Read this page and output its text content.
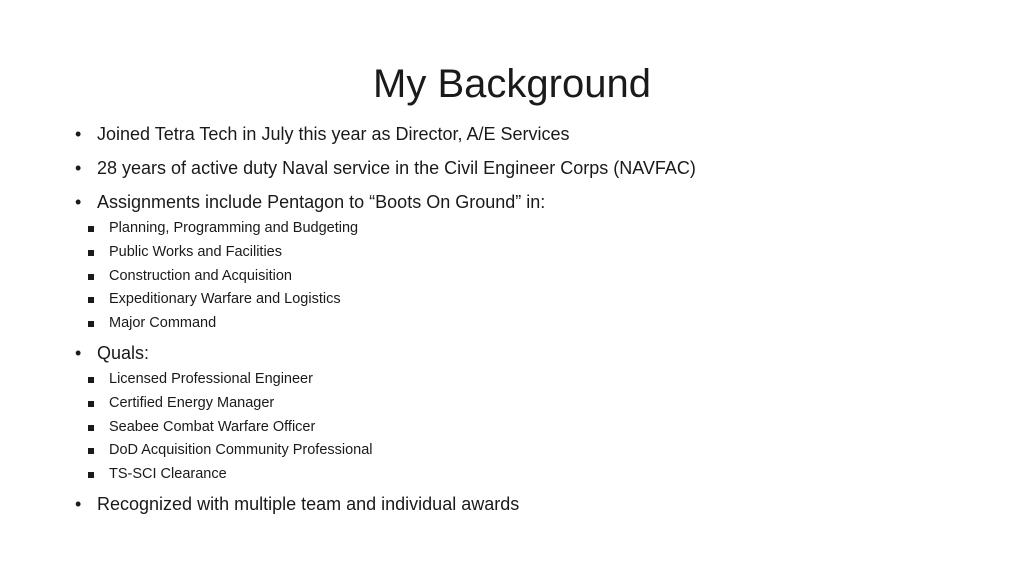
My Background
• Joined Tetra Tech in July this year as Director, A/E Services
• 28 years of active duty Naval service in the Civil Engineer Corps (NAVFAC)
• Assignments include Pentagon to “Boots On Ground” in:
Planning, Programming and Budgeting
Public Works and Facilities
Construction and Acquisition
Expeditionary Warfare and Logistics
Major Command
• Quals:
Licensed Professional Engineer
Certified Energy Manager
Seabee Combat Warfare Officer
DoD Acquisition Community Professional
TS-SCI Clearance
• Recognized with multiple team and individual awards
